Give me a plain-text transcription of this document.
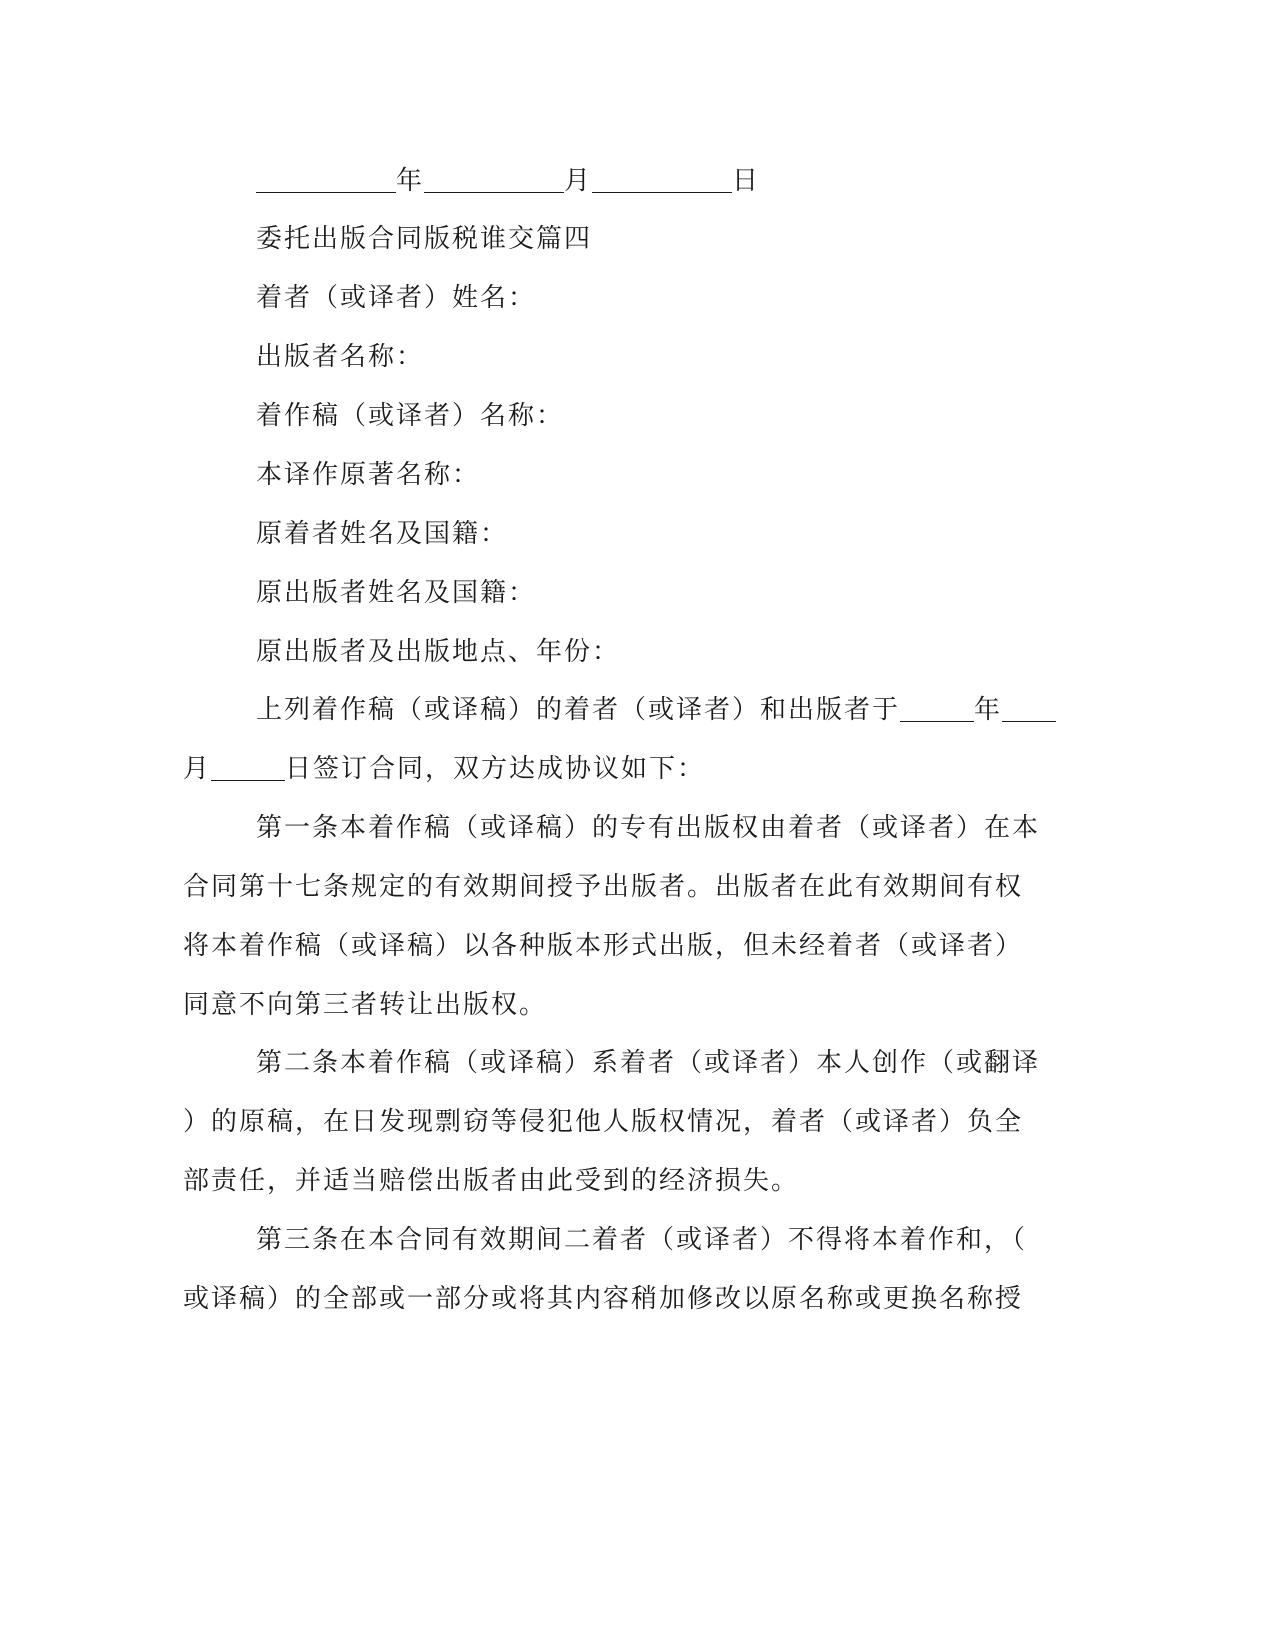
年	月	日
委托出版合同版税谁交篇四
着者（或译者）姓名：
出版者名称：
着作稿（或译者）名称：
本译作原著名称：
原着者姓名及国籍：
原出版者姓名及国籍：
原出版者及出版地点、年份：
上列着作稿（或译稿）的着者（或译者）和出版者于	年
月	日签订合同，双方达成协议如下：
第一条本着作稿（或译稿）的专有出版权由着者（或译者）在本
合同第十七条规定的有效期间授予出版者。出版者在此有效期间有权
将本着作稿（或译稿）以各种版本形式出版，但未经着者（或译者）
同意不向第三者转让出版权。
第二条本着作稿（或译稿）系着者（或译者）本人创作（或翻译
）的原稿，在日发现剽窃等侵犯他人版权情况，着者（或译者）负全
部责任，并适当赔偿出版者由此受到的经济损失。
第三条在本合同有效期间二着者（或译者）不得将本着作和，（
或译稿）的全部或一部分或将其内容稍加修改以原名称或更换名称授
